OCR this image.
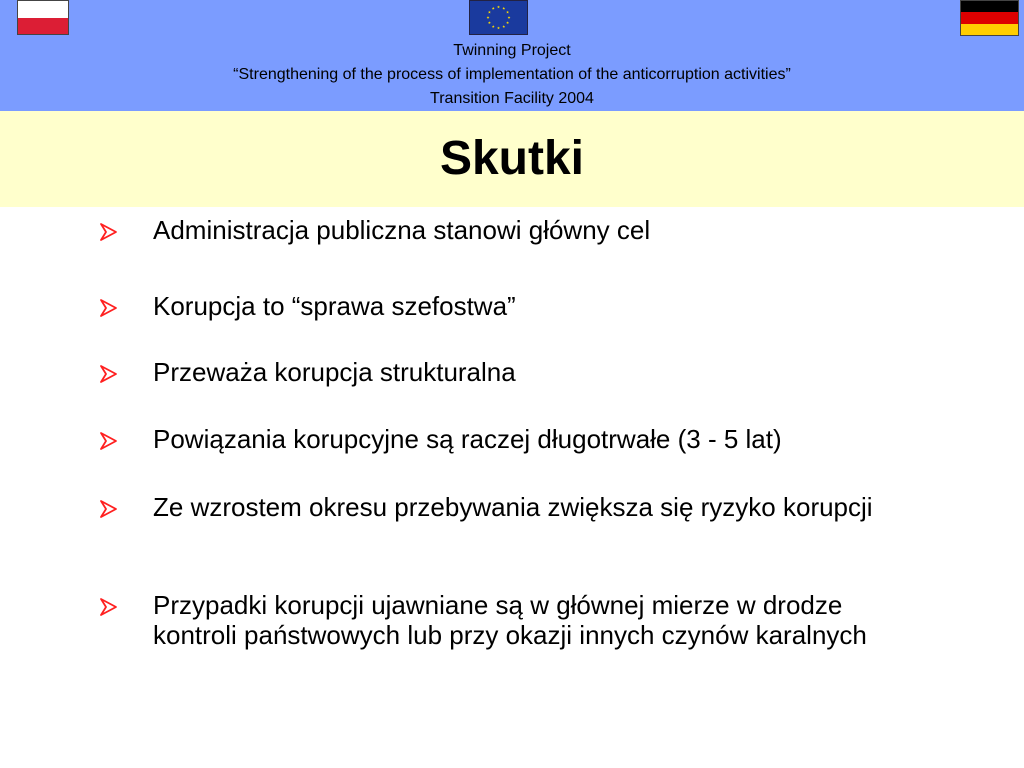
Twinning Project
“Strengthening of the process of implementation of the anticorruption activities”
Transition Facility 2004
Skutki
Administracja publiczna stanowi główny cel
Korupcja to “sprawa szefostwa”
Przeważa korupcja strukturalna
Powiązania korupcyjne są raczej długotrwałe (3 - 5 lat)
Ze wzrostem okresu przebywania zwiększa się ryzyko korupcji
Przypadki korupcji ujawniane są w głównej mierze w drodze kontroli państwowych lub przy okazji innych czynów karalnych
